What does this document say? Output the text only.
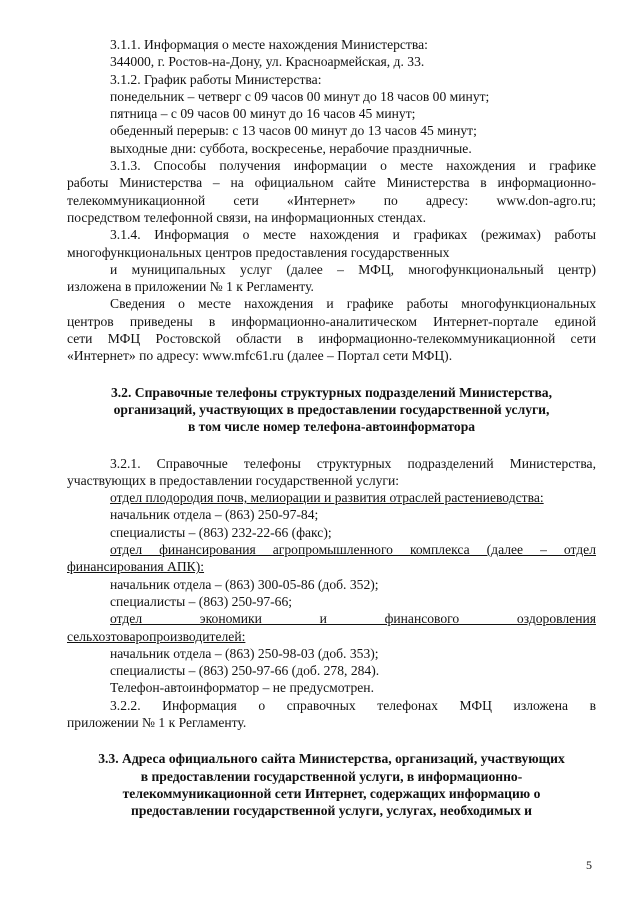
3.1.1. Информация о месте нахождения Министерства:

344000, г. Ростов-на-Дону, ул. Красноармейская, д. 33.

3.1.2. График работы Министерства:

понедельник – четверг с 09 часов 00 минут до 18 часов 00 минут;

пятница – с 09 часов 00 минут до 16 часов 45 минут;

обеденный перерыв: с 13 часов 00 минут до 13 часов 45 минут;

выходные дни: суббота, воскресенье, нерабочие праздничные.

3.1.3. Способы получения информации о месте нахождения и графике

работы Министерства – на официальном сайте Министерства в информационно-

телекоммуникационной сети «Интернет» по адресу: www.don-agro.ru;

посредством телефонной связи, на информационных стендах.

3.1.4. Информация о месте нахождения и графиках (режимах) работы

многофункциональных центров предоставления государственных

и муниципальных услуг (далее – МФЦ, многофункциональный центр)

изложена в приложении № 1 к Регламенту.

Сведения о месте нахождения и графике работы многофункциональных

центров приведены в информационно-аналитическом Интернет-портале единой

сети МФЦ Ростовской области в информационно-телекоммуникационной сети

«Интернет» по адресу: www.mfc61.ru (далее – Портал сети МФЦ).

3.2. Справочные телефоны структурных подразделений Министерства,

организаций, участвующих в предоставлении государственной услуги,

в том числе номер телефона-автоинформатора

3.2.1. Справочные телефоны структурных подразделений Министерства,

участвующих в предоставлении государственной услуги:

отдел плодородия почв, мелиорации и развития отраслей растениеводства:

начальник отдела – (863) 250-97-84;

специалисты – (863) 232-22-66 (факс);

отдел финансирования агропромышленного комплекса (далее – отдел

финансирования АПК):

начальник отдела – (863) 300-05-86 (доб. 352);

специалисты – (863) 250-97-66;

отдел экономики и финансового оздоровления

сельхозтоваропроизводителей:

начальник отдела – (863) 250-98-03 (доб. 353);

специалисты – (863) 250-97-66 (доб. 278, 284).

Телефон-автоинформатор – не предусмотрен.

3.2.2. Информация о справочных телефонах МФЦ изложена в

приложении № 1 к Регламенту.

3.3. Адреса официального сайта Министерства, организаций, участвующих

в предоставлении государственной услуги, в информационно-

телекоммуникационной сети Интернет, содержащих информацию о

предоставлении государственной услуги, услугах, необходимых и

5
